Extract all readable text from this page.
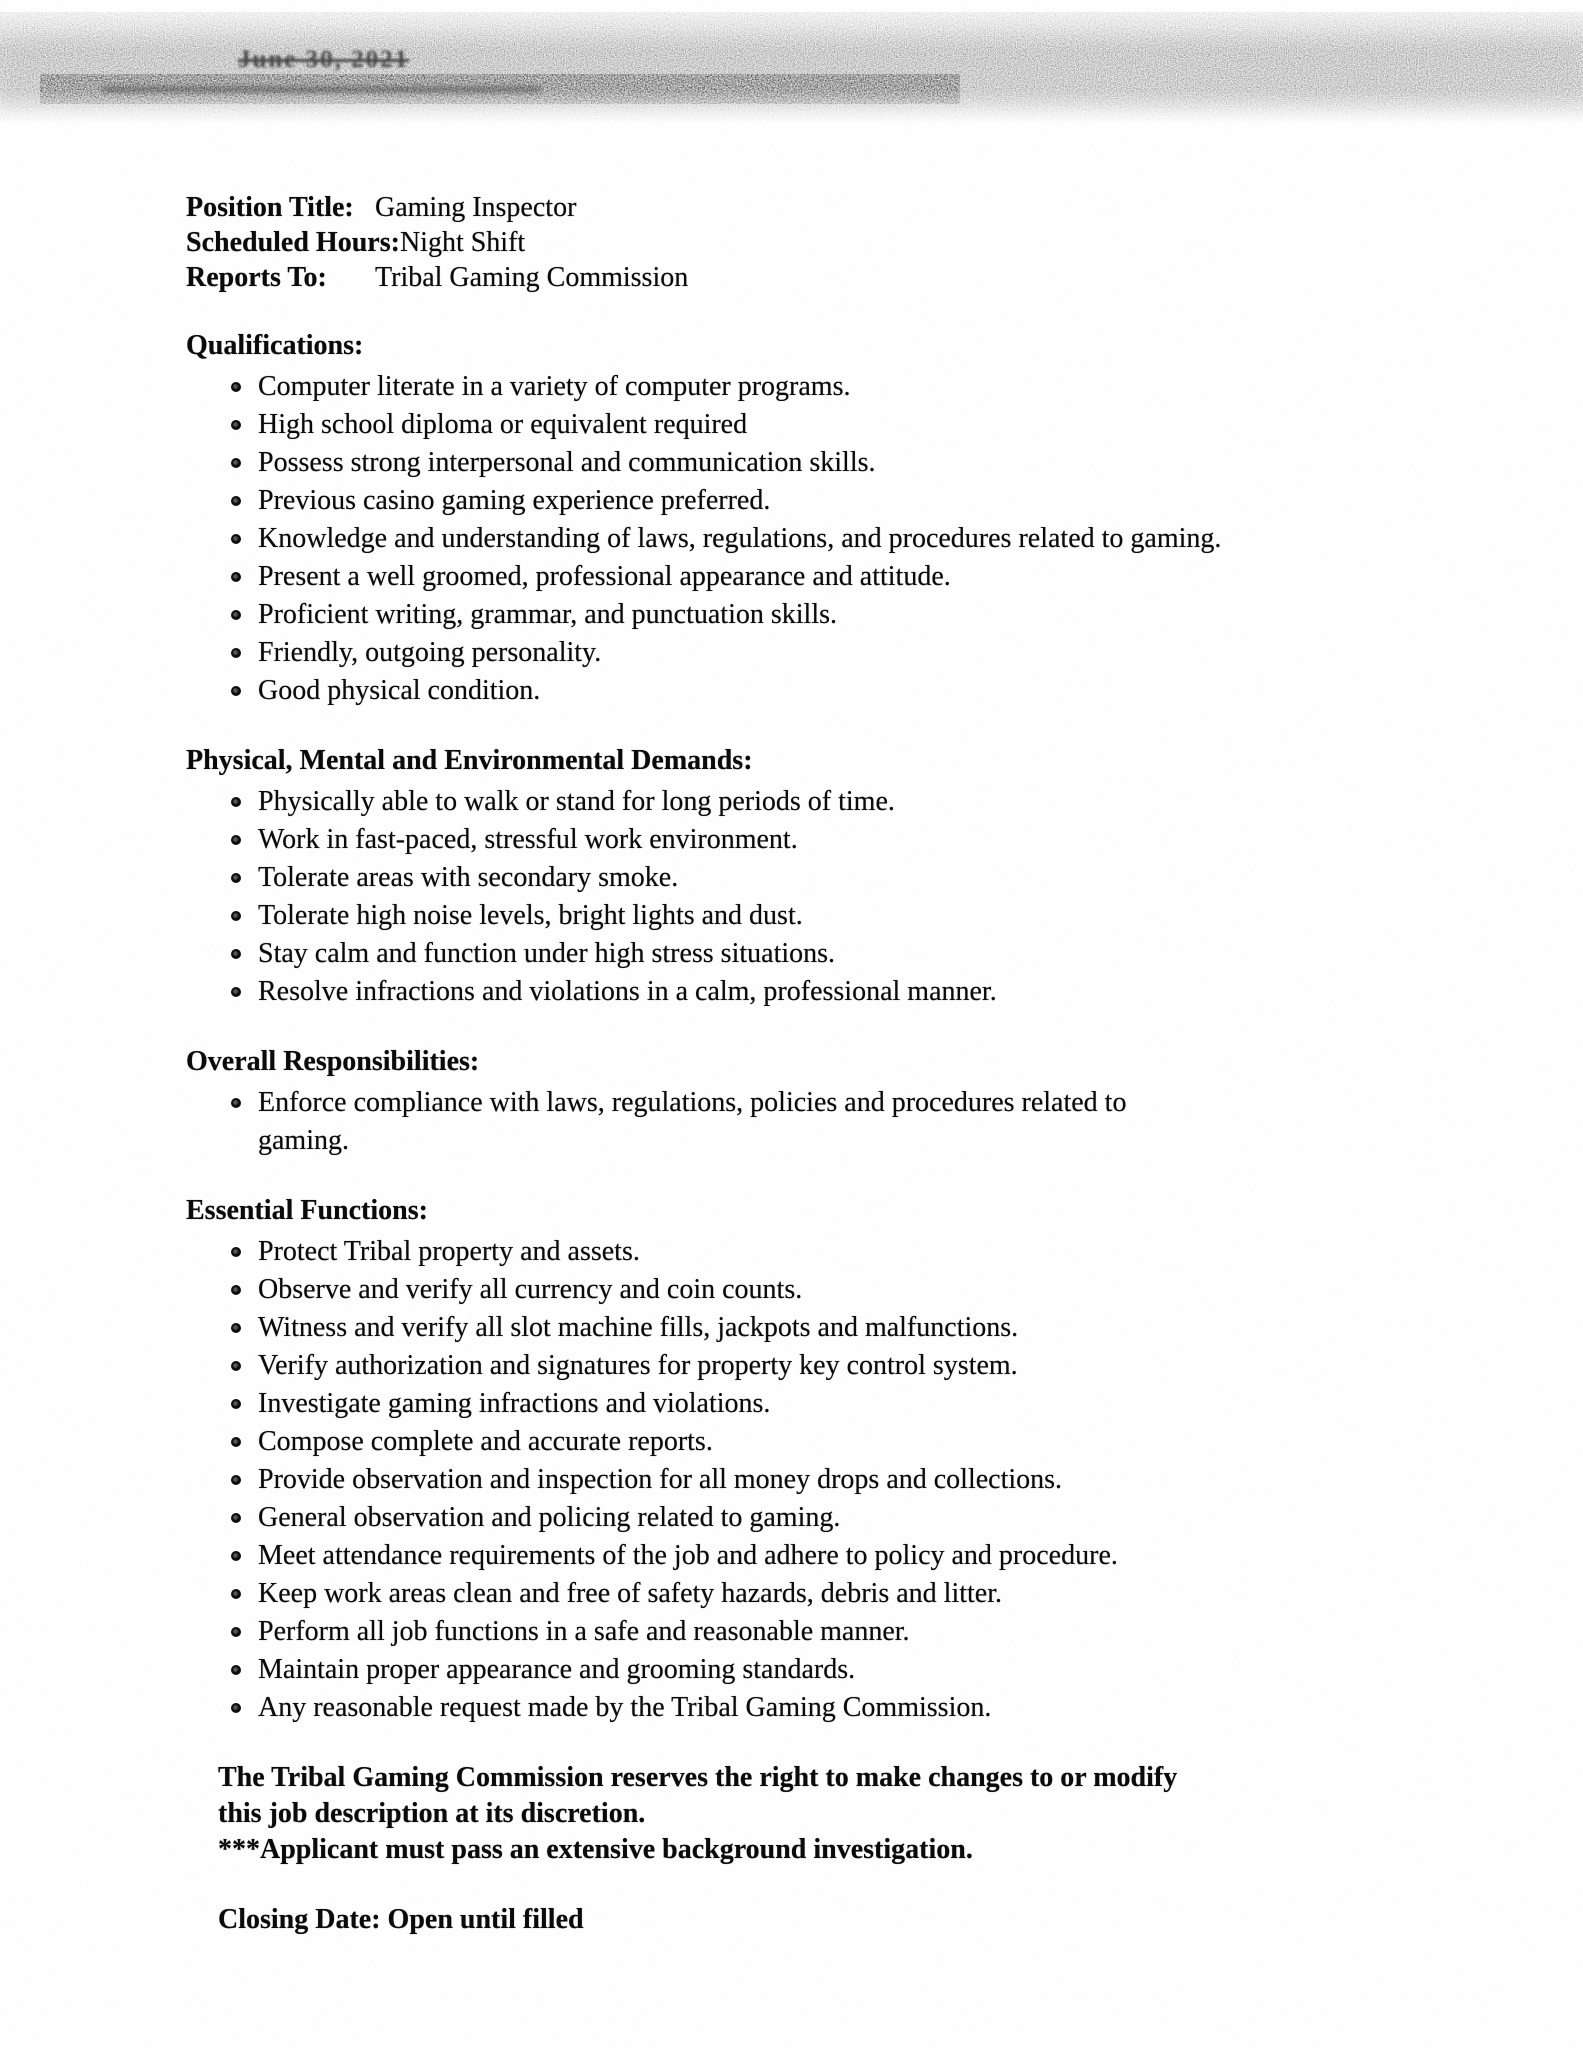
June 30, 2021
Position Title: Gaming Inspector
Scheduled Hours:Night Shift
Reports To: Tribal Gaming Commission
Qualifications:
Computer literate in a variety of computer programs.
High school diploma or equivalent required
Possess strong interpersonal and communication skills.
Previous casino gaming experience preferred.
Knowledge and understanding of laws, regulations, and procedures related to gaming.
Present a well groomed, professional appearance and attitude.
Proficient writing, grammar, and punctuation skills.
Friendly, outgoing personality.
Good physical condition.
Physical, Mental and Environmental Demands:
Physically able to walk or stand for long periods of time.
Work in fast-paced, stressful work environment.
Tolerate areas with secondary smoke.
Tolerate high noise levels, bright lights and dust.
Stay calm and function under high stress situations.
Resolve infractions and violations in a calm, professional manner.
Overall Responsibilities:
Enforce compliance with laws, regulations, policies and procedures related to
gaming.
Essential Functions:
Protect Tribal property and assets.
Observe and verify all currency and coin counts.
Witness and verify all slot machine fills, jackpots and malfunctions.
Verify authorization and signatures for property key control system.
Investigate gaming infractions and violations.
Compose complete and accurate reports.
Provide observation and inspection for all money drops and collections.
General observation and policing related to gaming.
Meet attendance requirements of the job and adhere to policy and procedure.
Keep work areas clean and free of safety hazards, debris and litter.
Perform all job functions in a safe and reasonable manner.
Maintain proper appearance and grooming standards.
Any reasonable request made by the Tribal Gaming Commission.
The Tribal Gaming Commission reserves the right to make changes to or modify
this job description at its discretion.
***Applicant must pass an extensive background investigation.
Closing Date: Open until filled
